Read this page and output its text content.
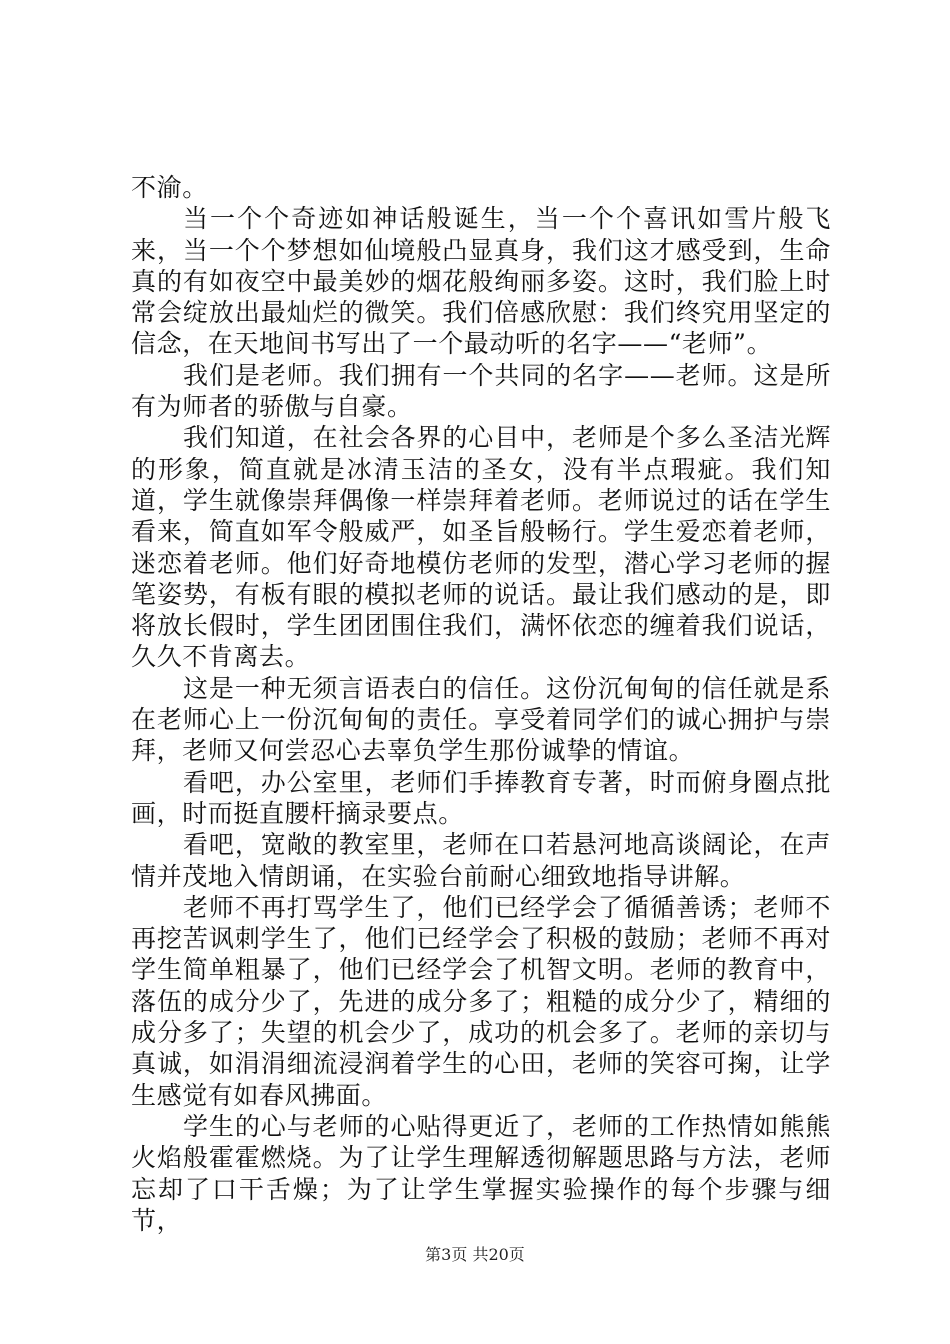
不渝。

当一个个奇迹如神话般诞生，当一个个喜讯如雪片般飞来，当一个个梦想如仙境般凸显真身，我们这才感受到，生命真的有如夜空中最美妙的烟花般绚丽多姿。这时，我们脸上时常会绽放出最灿烂的微笑。我们倍感欣慰：我们终究用坚定的信念，在天地间书写出了一个最动听的名字——“老师”。

我们是老师。我们拥有一个共同的名字——老师。这是所有为师者的骄傲与自豪。

我们知道，在社会各界的心目中，老师是个多么圣洁光辉的形象，简直就是冰清玉洁的圣女，没有半点瑕疵。我们知道，学生就像崇拜偶像一样崇拜着老师。老师说过的话在学生看来，简直如军令般威严，如圣旨般畅行。学生爱恋着老师，迷恋着老师。他们好奇地模仿老师的发型，潜心学习老师的握笔姿势，有板有眼的模拟老师的说话。最让我们感动的是，即将放长假时，学生团团围住我们，满怀依恋的缠着我们说话，久久不肯离去。

这是一种无须言语表白的信任。这份沉甸甸的信任就是系在老师心上一份沉甸甸的责任。享受着同学们的诚心拥护与崇拜，老师又何尝忍心去辜负学生那份诚挚的情谊。

看吧，办公室里，老师们手捧教育专著，时而俯身圈点批画，时而挺直腰杆摘录要点。

看吧，宽敞的教室里，老师在口若悬河地高谈阔论，在声情并茂地入情朗诵，在实验台前耐心细致地指导讲解。

老师不再打骂学生了，他们已经学会了循循善诱；老师不再挖苦讽刺学生了，他们已经学会了积极的鼓励；老师不再对学生简单粗暴了，他们已经学会了机智文明。老师的教育中，落伍的成分少了，先进的成分多了；粗糙的成分少了，精细的成分多了；失望的机会少了，成功的机会多了。老师的亲切与真诚，如涓涓细流浸润着学生的心田，老师的笑容可掬，让学生感觉有如春风拂面。

学生的心与老师的心贴得更近了，老师的工作热情如熊熊火焰般霍霍燃烧。为了让学生理解透彻解题思路与方法，老师忘却了口干舌燥；为了让学生掌握实验操作的每个步骤与细节，

第3页 共20页
